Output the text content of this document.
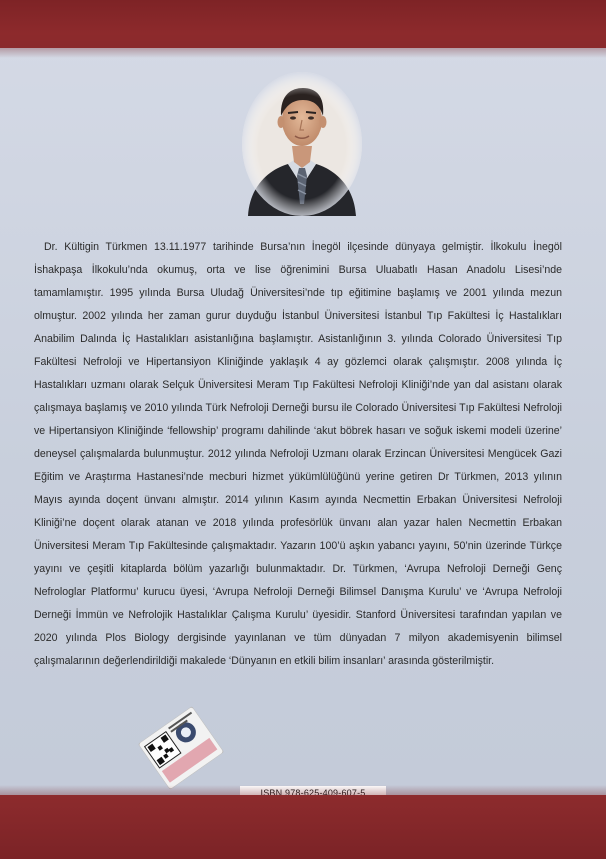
Dr. Kültigin Türkmen 13.11.1977 tarihinde Bursa’nın İnegöl ilçesinde dünyaya gelmiştir. İlkokulu İnegöl İshakpaşa İlkokulu’nda okumuş, orta ve lise öğrenimini Bursa Uluabatlı Hasan Anadolu Lisesi’nde tamamlamıştır. 1995 yılında Bursa Uludağ Üniversitesi’nde tıp eğitimine başlamış ve 2001 yılında mezun olmuştur. 2002 yılında her zaman gurur duyduğu İstanbul Üniversitesi İstanbul Tıp Fakültesi İç Hastalıkları Anabilim Dalında İç Hastalıkları asistanlığına başlamıştır. Asistanlığının 3. yılında Colorado Üniversitesi Tıp Fakültesi Nefroloji ve Hipertansiyon Kliniğinde yaklaşık 4 ay gözlemci olarak çalışmıştır. 2008 yılında İç Hastalıkları uzmanı olarak Selçuk Üniversitesi Meram Tıp Fakültesi Nefroloji Kliniği’nde yan dal asistanı olarak çalışmaya başlamış ve 2010 yılında Türk Nefroloji Derneği bursu ile Colorado Üniversitesi Tıp Fakültesi Nefroloji ve Hipertansiyon Kliniğinde ‘fellowship’ programı dahilinde ‘akut böbrek hasarı ve soğuk iskemi modeli üzerine’ deneysel çalışmalarda bulunmuştur. 2012 yılında Nefroloji Uzmanı olarak Erzincan Üniversitesi Mengücek Gazi Eğitim ve Araştırma Hastanesi’nde mecburi hizmet yükümlülüğünü yerine getiren Dr Türkmen, 2013 yılının Mayıs ayında doçent ünvanı almıştır. 2014 yılının Kasım ayında Necmettin Erbakan Üniversitesi Nefroloji Kliniği’ne doçent olarak atanan ve 2018 yılında profesörlük ünvanı alan yazar halen Necmettin Erbakan Üniversitesi Meram Tıp Fakültesinde çalışmaktadır. Yazarın 100’ü aşkın yabancı yayını, 50’nin üzerinde Türkçe yayını ve çeşitli kitaplarda bölüm yazarlığı bulunmaktadır. Dr. Türkmen, ‘Avrupa Nefroloji Derneği Genç Nefrologlar Platformu’ kurucu üyesi, ‘Avrupa Nefroloji Derneği Bilimsel Danışma Kurulu’ ve ‘Avrupa Nefroloji Derneği İmmün ve Nefrolojik Hastalıklar Çalışma Kurulu’ üyesidir. Stanford Üniversitesi tarafından yapılan ve 2020 yılında Plos Biology dergisinde yayınlanan ve tüm dünyadan 7 milyon akademisyenin bilimsel çalışmalarının değerlendirildiği makalede ‘Dünyanın en etkili bilim insanları’ arasında gösterilmiştir.
